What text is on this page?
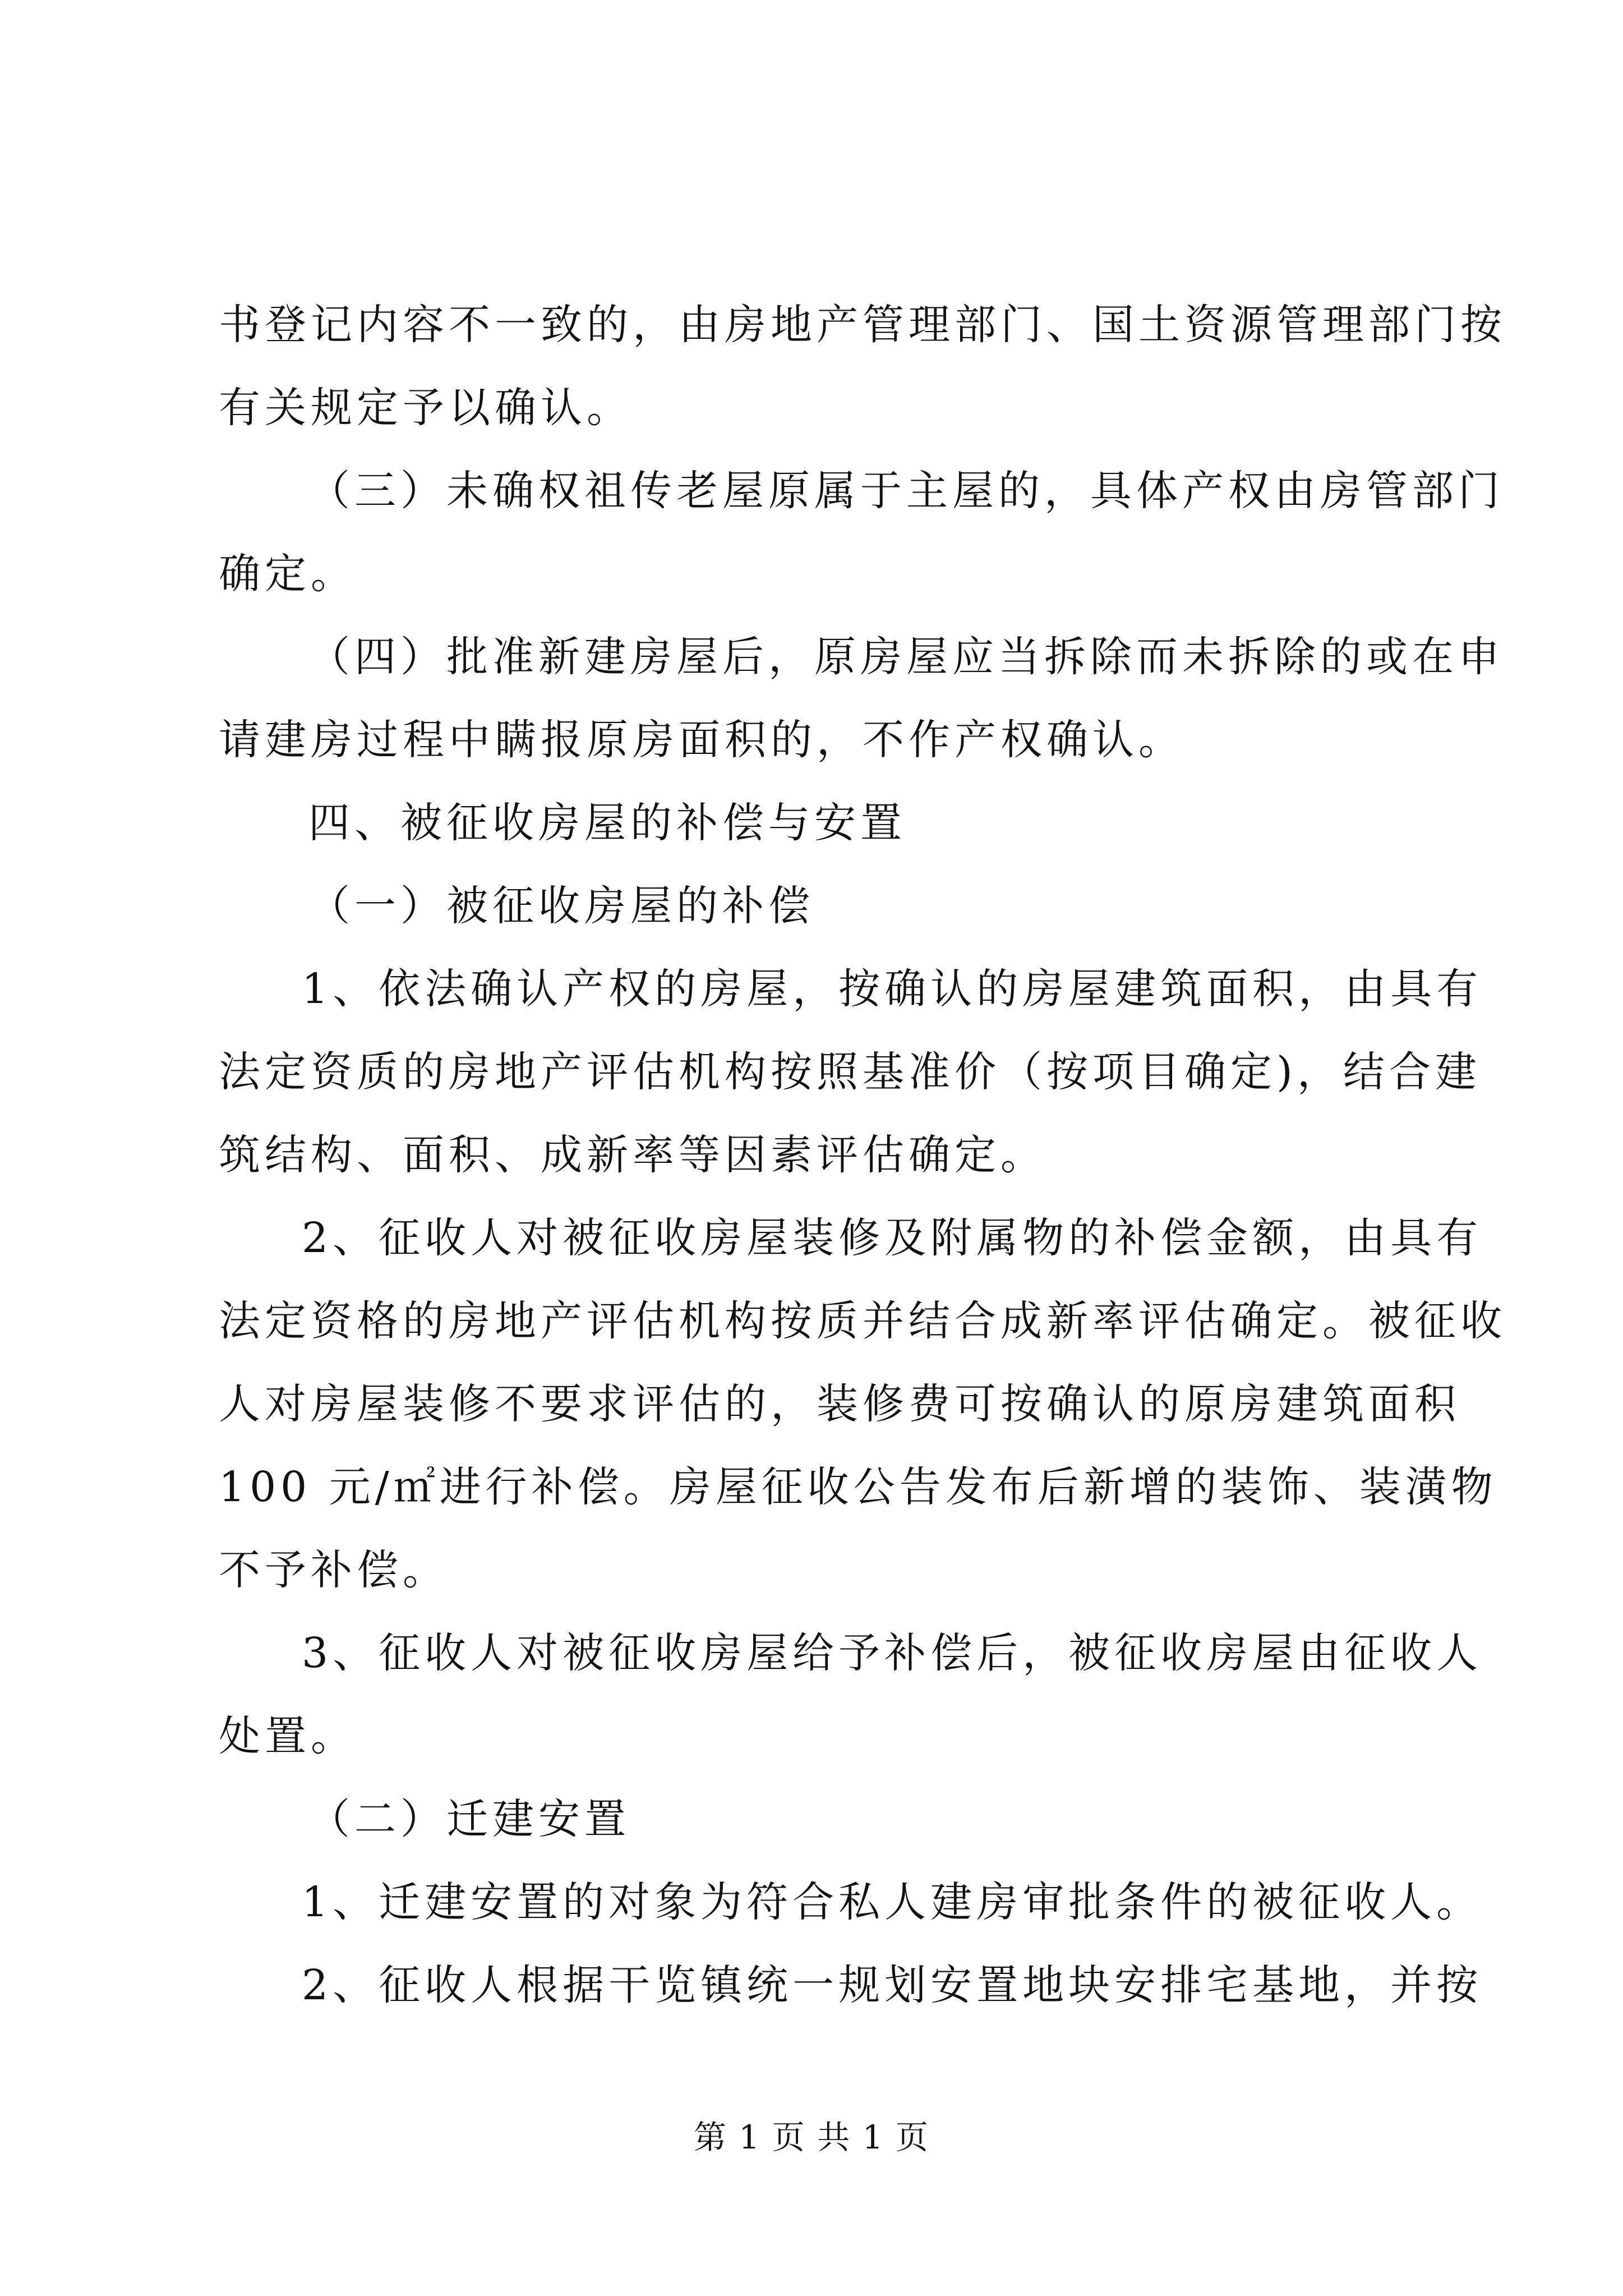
书登记内容不一致的，由房地产管理部门、国土资源管理部门按
有关规定予以确认。
（三）未确权祖传老屋原属于主屋的，具体产权由房管部门
确定。
（四）批准新建房屋后，原房屋应当拆除而未拆除的或在申
请建房过程中瞒报原房面积的，不作产权确认。
四、被征收房屋的补偿与安置
（一）被征收房屋的补偿
1、依法确认产权的房屋，按确认的房屋建筑面积，由具有
法定资质的房地产评估机构按照基准价（按项目确定)，结合建
筑结构、面积、成新率等因素评估确定。
2、征收人对被征收房屋装修及附属物的补偿金额，由具有
法定资格的房地产评估机构按质并结合成新率评估确定。被征收
人对房屋装修不要求评估的，装修费可按确认的原房建筑面积
100 元/㎡进行补偿。房屋征收公告发布后新增的装饰、装潢物
不予补偿。
3、征收人对被征收房屋给予补偿后，被征收房屋由征收人
处置。
（二）迁建安置
1、迁建安置的对象为符合私人建房审批条件的被征收人。
2、征收人根据干览镇统一规划安置地块安排宅基地，并按
第 1 页 共 1 页
